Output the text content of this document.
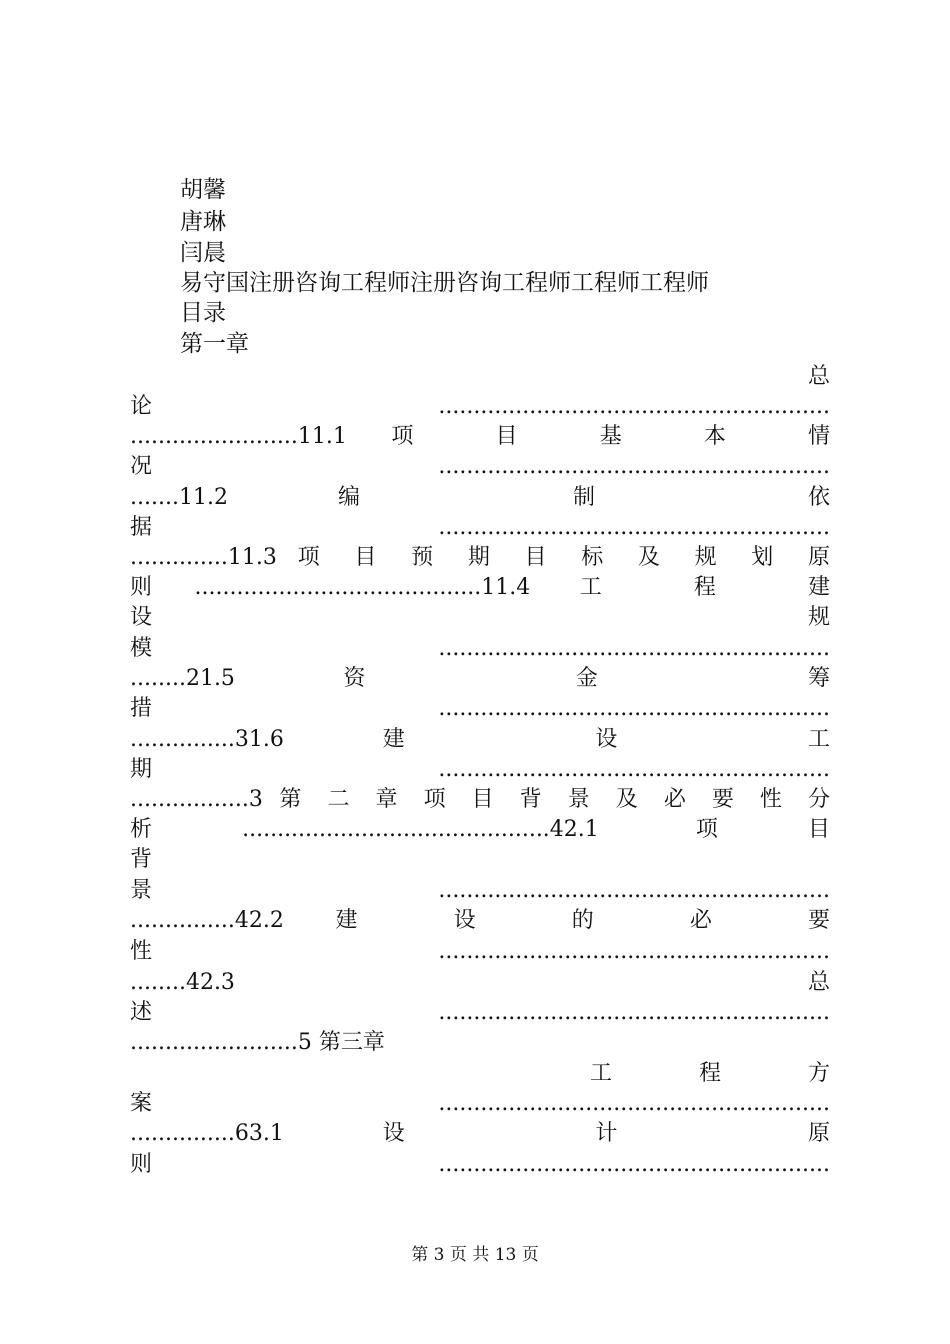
胡馨
唐琳
闫晨
易守国注册咨询工程师注册咨询工程师工程师工程师
目录
第一章
总
论........................................................
........................11.1 项 目 基 本 情
况........................................................
.......11.2 编 制 依
据........................................................
..............11.3 项 目 预 期 目 标 及 规 划 原
则.........................................11.4 工 程 建
设 规
模........................................................
........21.5 资 金 筹
措........................................................
...............31.6 建 设 工
期........................................................
.................3 第 二 章 项 目 背 景 及 必 要 性 分
析............................................42.1 项目
背
景........................................................
...............42.2 建 设 的 必 要
性........................................................
........42.3 总
述........................................................
........................5 第三章
工 程 方
案........................................................
...............63.1 设 计 原
则........................................................
第 3 页 共 13 页
